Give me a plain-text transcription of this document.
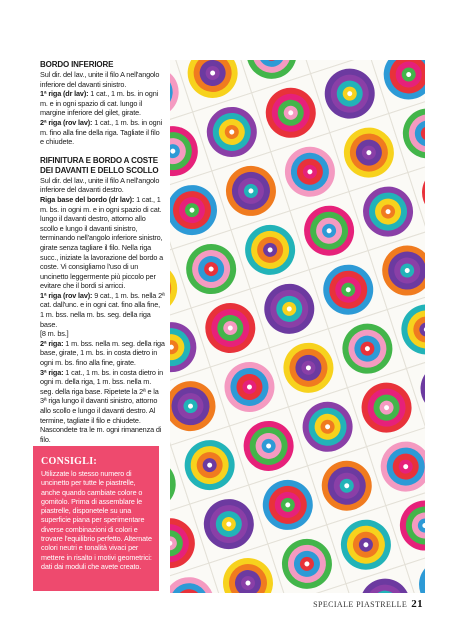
BORDO INFERIORE

Sul dir. del lav., unite il filo A nell'angolo inferiore del davanti sinistro.

1ª riga (dr lav): 1 cat., 1 m. bs. in ogni m. e in ogni spazio di cat. lungo il margine inferiore del gilet, girate.

2ª riga (rov lav): 1 cat., 1 m. bs. in ogni m. fino alla fine della riga. Tagliate il filo e chiudete.

RIFINITURA E BORDO A COSTE DEI DAVANTI E DELLO SCOLLO

Sul dir. del lav., unite il filo A nell'angolo inferiore del davanti destro.

Riga base del bordo (dr lav): 1 cat., 1 m. bs. in ogni m. e in ogni spazio di cat. lungo il davanti destro, attorno allo scollo e lungo il davanti sinistro, terminando nell'angolo inferiore sinistro, girate senza tagliare il filo. Nella riga succ., iniziate la lavorazione del bordo a coste. Vi consigliamo l'uso di un uncinetto leggermente più piccolo per evitare che il bordi si arricci.

1ª riga (rov lav): 9 cat., 1 m. bs. nella 2ª cat. dall'unc. e in ogni cat. fino alla fine, 1 m. bss. nella m. bs. seg. della riga base.

[8 m. bs.]

2ª riga: 1 m. bss. nella m. seg. della riga base, girate, 1 m. bs. in costa dietro in ogni m. bs. fino alla fine, girate.

3ª riga: 1 cat., 1 m. bs. in costa dietro in ogni m. della riga, 1 m. bss. nella m. seg. della riga base. Ripetete la 2ª e la 3ª riga lungo il davanti sinistro, attorno allo scollo e lungo il davanti destro. Al termine, tagliate il filo e chiudete. Nascondete tra le m. ogni rimanenza di filo.

CONSIGLI:
Utilizzate lo stesso numero di uncinetto per tutte le piastrelle, anche quando cambiate colore o gomitolo. Prima di assemblare le piastrelle, disponetele su una superficie piana per sperimentare diverse combinazioni di colori e trovare l'equilibrio perfetto. Alternate colori neutri e tonalità vivaci per mettere in risalto i motivi geometrici: dati dai moduli che avete creato.
SPECIALE PIASTRELLE 21
